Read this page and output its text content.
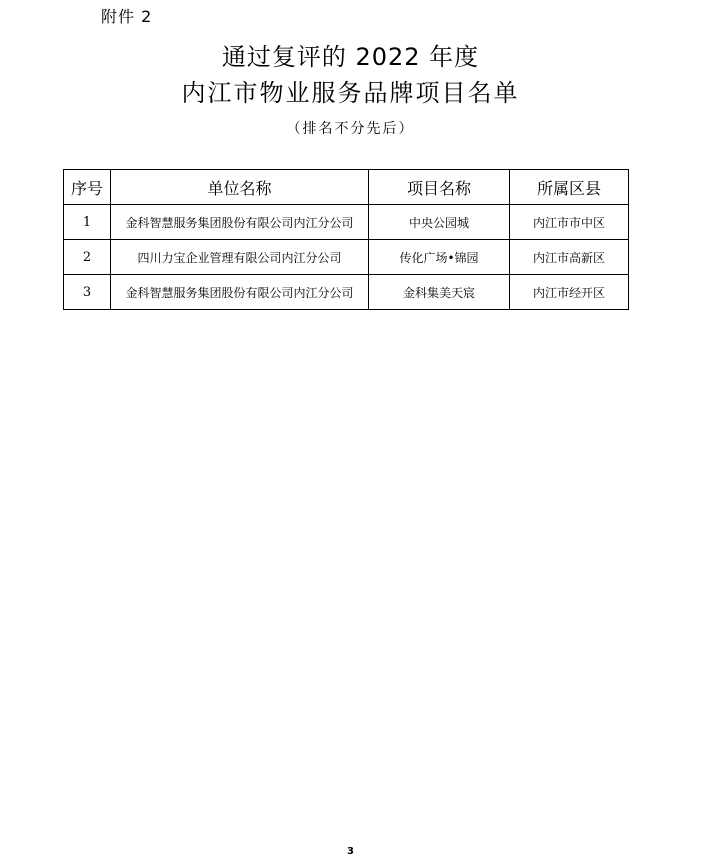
附件 2
通过复评的 2022 年度
内江市物业服务品牌项目名单
（排名不分先后）
序号	单位名称	项目名称	所属区县
1	金科智慧服务集团股份有限公司内江分公司	中央公园城	内江市市中区
2	四川力宝企业管理有限公司内江分公司	传化广场•锦园	内江市高新区
3	金科智慧服务集团股份有限公司内江分公司	金科集美天宸	内江市经开区
3
